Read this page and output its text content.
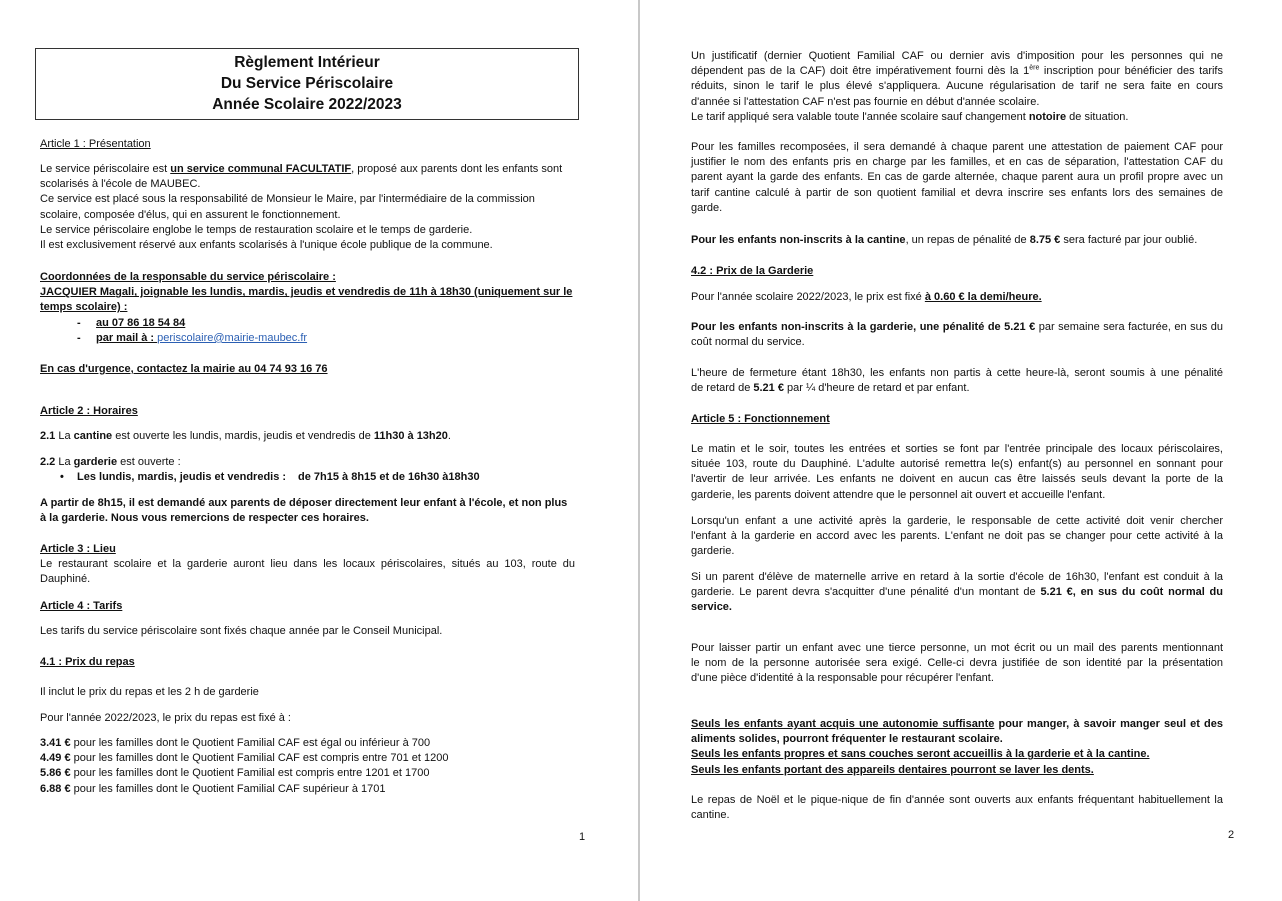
Règlement Intérieur
Du Service Périscolaire
Année Scolaire 2022/2023
Article 1 : Présentation
Le service périscolaire est un service communal FACULTATIF, proposé aux parents dont les enfants sont
scolarisés à l'école de MAUBEC.
Ce service est placé sous la responsabilité de Monsieur le Maire, par l'intermédiaire de la commission
scolaire, composée d'élus, qui en assurent le fonctionnement.
Le service périscolaire englobe le temps de restauration scolaire et le temps de garderie.
Il est exclusivement réservé aux enfants scolarisés à l'unique école publique de la commune.
Coordonnées de la responsable du service périscolaire :
JACQUIER Magali, joignable les lundis, mardis, jeudis et vendredis de 11h à 18h30 (uniquement sur le
temps scolaire) :
- au 07 86 18 54 84
- par mail à : periscolaire@mairie-maubec.fr
En cas d'urgence, contactez la mairie au 04 74 93 16 76
Article 2 : Horaires
2.1 La cantine est ouverte les lundis, mardis, jeudis et vendredis de 11h30 à 13h20.
2.2 La garderie est ouverte :
• Les lundis, mardis, jeudis et vendredis : de 7h15 à 8h15 et de 16h30 à18h30
A partir de 8h15, il est demandé aux parents de déposer directement leur enfant à l'école, et non plus
à la garderie. Nous vous remercions de respecter ces horaires.
Article 3 : Lieu
Le restaurant scolaire et la garderie auront lieu dans les locaux périscolaires, situés au 103, route du
Dauphiné.
Article 4 : Tarifs
Les tarifs du service périscolaire sont fixés chaque année par le Conseil Municipal.
4.1 : Prix du repas
Il inclut le prix du repas et les 2 h de garderie
Pour l'année 2022/2023, le prix du repas est fixé à :
3.41 € pour les familles dont le Quotient Familial CAF est égal ou inférieur à 700
4.49 € pour les familles dont le Quotient Familial CAF est compris entre 701 et 1200
5.86 € pour les familles dont le Quotient Familial est compris entre 1201 et 1700
6.88 € pour les familles dont le Quotient Familial CAF supérieur à 1701
1
Un justificatif (dernier Quotient Familial CAF ou dernier avis d'imposition pour les personnes qui ne
dépendent pas de la CAF) doit être impérativement fourni dès la 1ère inscription pour bénéficier des tarifs
réduits, sinon le tarif le plus élevé s'appliquera. Aucune régularisation de tarif ne sera faite en cours
d'année si l'attestation CAF n'est pas fournie en début d'année scolaire.
Le tarif appliqué sera valable toute l'année scolaire sauf changement notoire de situation.
Pour les familles recomposées, il sera demandé à chaque parent une attestation de paiement CAF pour
justifier le nom des enfants pris en charge par les familles, et en cas de séparation, l'attestation CAF du
parent ayant la garde des enfants. En cas de garde alternée, chaque parent aura un profil propre avec un
tarif cantine calculé à partir de son quotient familial et devra inscrire ses enfants lors des semaines de
garde.
Pour les enfants non-inscrits à la cantine, un repas de pénalité de 8.75 € sera facturé par jour oublié.
4.2 : Prix de la Garderie
Pour l'année scolaire 2022/2023, le prix est fixé à 0.60 € la demi/heure.
Pour les enfants non-inscrits à la garderie, une pénalité de 5.21 € par semaine sera facturée, en sus du
coût normal du service.
L'heure de fermeture étant 18h30, les enfants non partis à cette heure-là, seront soumis à une pénalité
de retard de 5.21 € par ¼ d'heure de retard et par enfant.
Article 5 : Fonctionnement
Le matin et le soir, toutes les entrées et sorties se font par l'entrée principale des locaux périscolaires,
située 103, route du Dauphiné. L'adulte autorisé remettra le(s) enfant(s) au personnel en sonnant pour
l'avertir de leur arrivée. Les enfants ne doivent en aucun cas être laissés seuls devant la porte de la
garderie, les parents doivent attendre que le personnel ait ouvert et accueille l'enfant.
Lorsqu'un enfant a une activité après la garderie, le responsable de cette activité doit venir chercher
l'enfant à la garderie en accord avec les parents. L'enfant ne doit pas se changer pour cette activité à la
garderie.
Si un parent d'élève de maternelle arrive en retard à la sortie d'école de 16h30, l'enfant est conduit à la
garderie. Le parent devra s'acquitter d'une pénalité d'un montant de 5.21 €, en sus du coût normal du
service.
Pour laisser partir un enfant avec une tierce personne, un mot écrit ou un mail des parents mentionnant
le nom de la personne autorisée sera exigé. Celle-ci devra justifiée de son identité par la présentation
d'une pièce d'identité à la responsable pour récupérer l'enfant.
Seuls les enfants ayant acquis une autonomie suffisante pour manger, à savoir manger seul et des
aliments solides, pourront fréquenter le restaurant scolaire.
Seuls les enfants propres et sans couches seront accueillis à la garderie et à la cantine.
Seuls les enfants portant des appareils dentaires pourront se laver les dents.
Le repas de Noël et le pique-nique de fin d'année sont ouverts aux enfants fréquentant habituellement la
cantine.
2
